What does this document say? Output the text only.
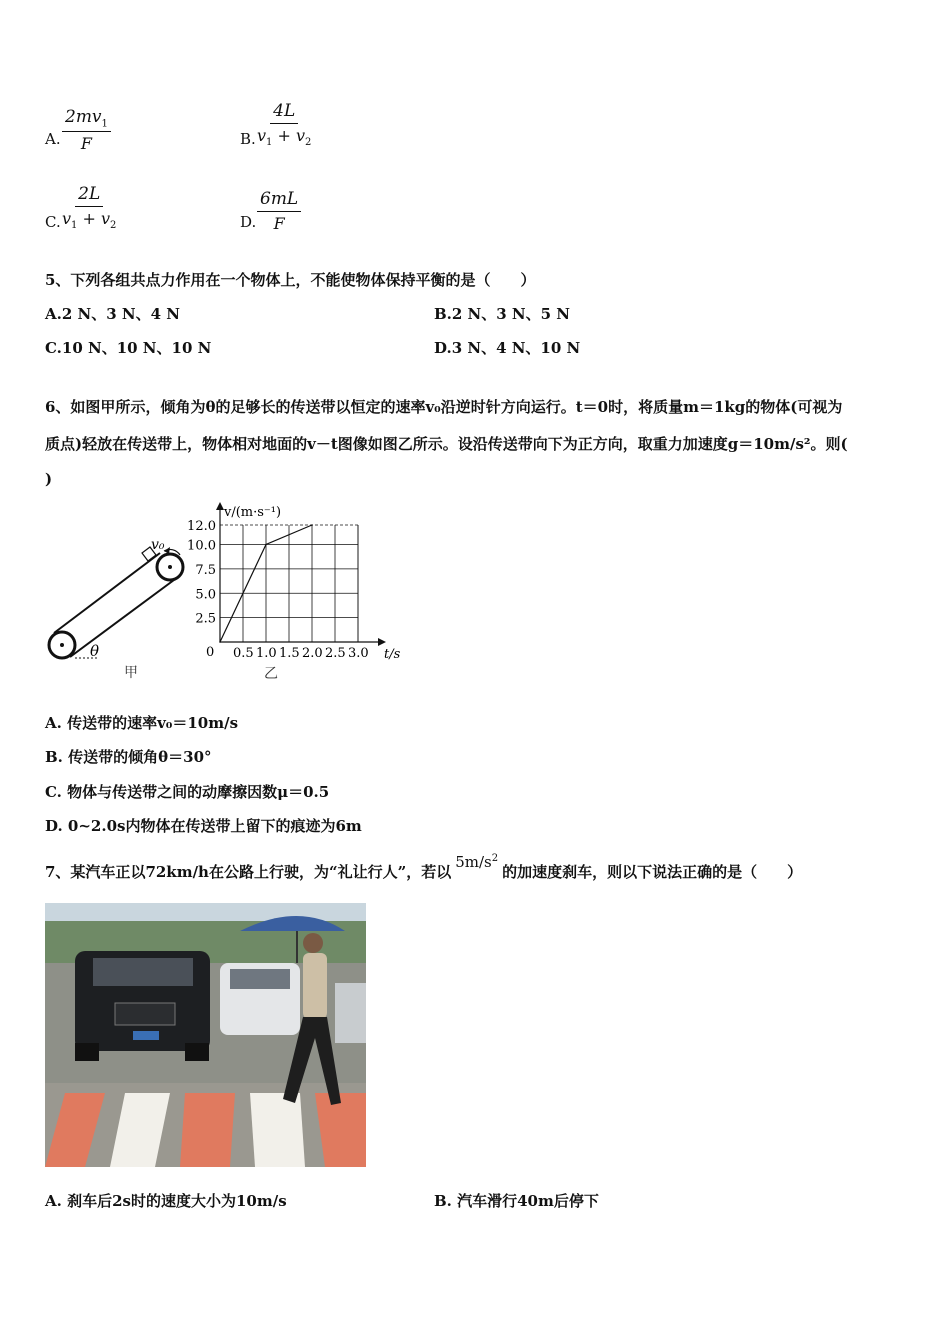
A. $\frac{2mv_1}{F}$	B. $\frac{4L}{v_1 + v_2}$
C. $\frac{2L}{v_1 + v_2}$	D. $\frac{6mL}{F}$
5、下列各组共点力作用在一个物体上，不能使物体保持平衡的是（　　）
A.2 N、3 N、4 N	B.2 N、3 N、5 N
C.10 N、10 N、10 N	D.3 N、4 N、10 N
6、如图甲所示，倾角为θ的足够长的传送带以恒定的速率v₀沿逆时针方向运行。t＝0时，将质量m＝1kg的物体(可视为
质点)轻放在传送带上，物体相对地面的v－t图像如图乙所示。设沿传送带向下为正方向，取重力加速度g＝10m/s²。则(
)
v₀
θ
甲
0.5 1.0 1.5 2.0 2.5 3.0
2.5
5.0
7.5
10.0
12.0
v/(m·s⁻¹)
t/s
0
乙
A. 传送带的速率v₀＝10m/s
B. 传送带的倾角θ＝30°
C. 物体与传送带之间的动摩擦因数μ＝0.5
D. 0~2.0s内物体在传送带上留下的痕迹为6m
7、某汽车正以72km/h在公路上行驶，为“礼让行人”，若以$5m/s^2$的加速度刹车，则以下说法正确的是（　　）
A. 刹车后2s时的速度大小为10m/s	B. 汽车滑行40m后停下
